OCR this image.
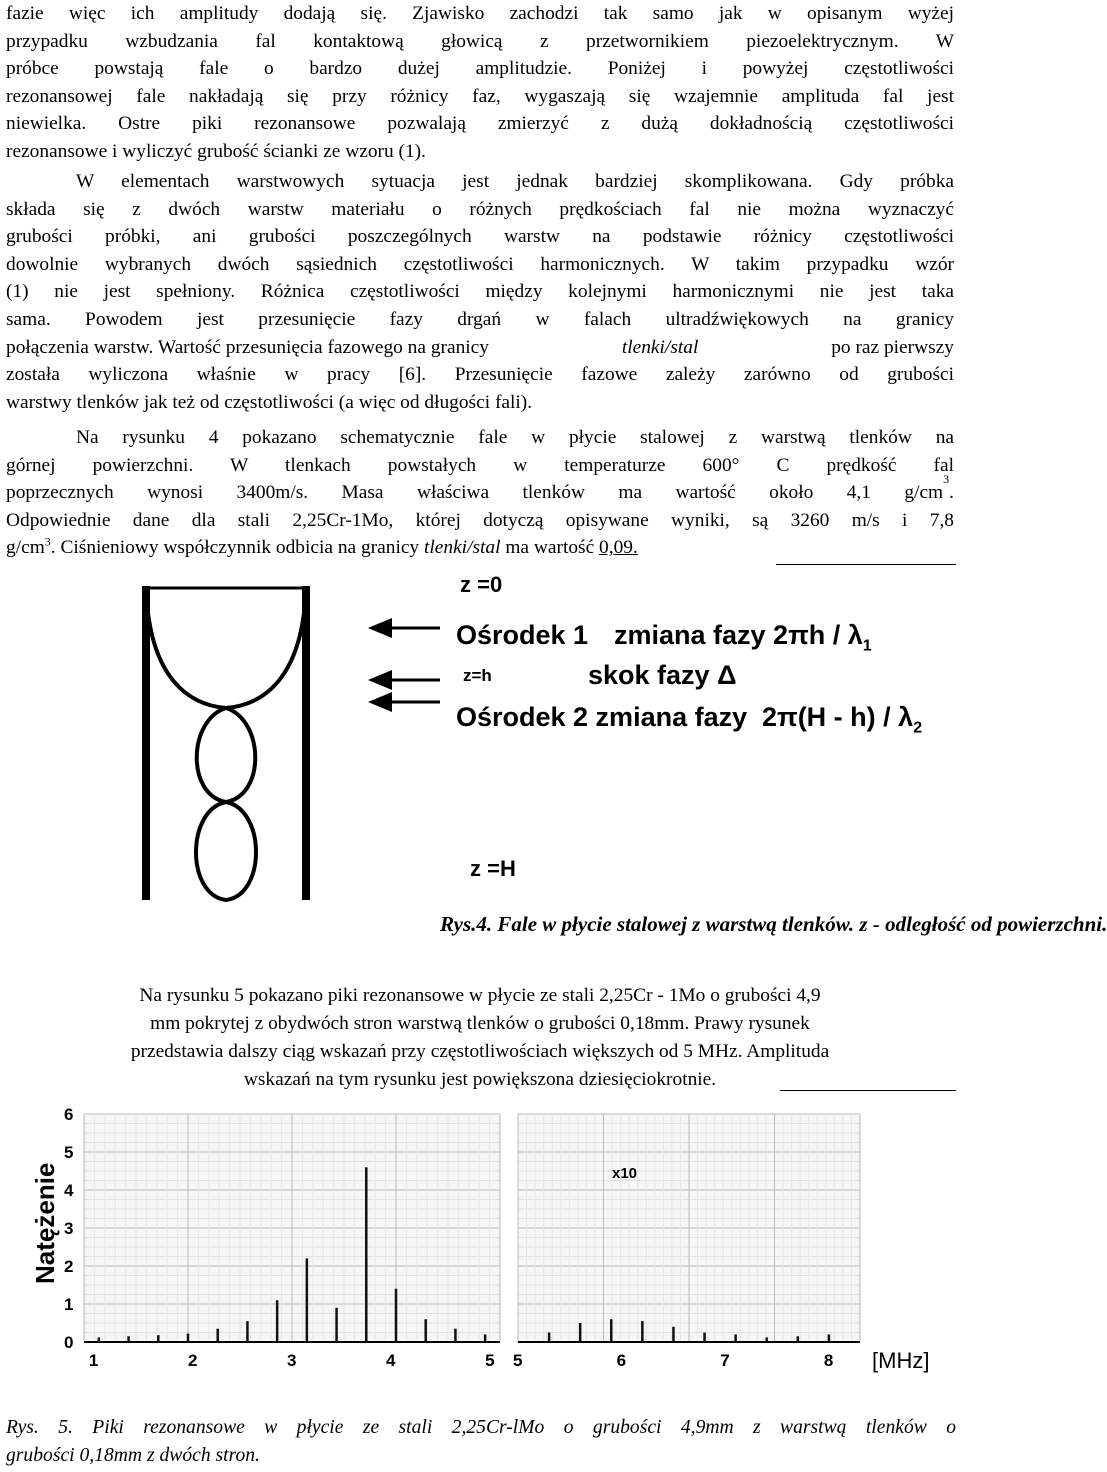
fazie więc ich amplitudy dodają się. Zjawisko zachodzi tak samo jak w opisanym wyżej
przypadku wzbudzania fal kontaktową głowicą z przetwornikiem piezoelektrycznym. W
próbce powstają fale o bardzo dużej amplitudzie. Poniżej i powyżej częstotliwości
rezonansowej fale nakładają się przy różnicy faz, wygaszają się wzajemnie amplituda fal jest
niewielka. Ostre piki rezonansowe pozwalają zmierzyć z dużą dokładnością częstotliwości
rezonansowe i wyliczyć grubość ścianki ze wzoru (1).
W elementach warstwowych sytuacja jest jednak bardziej skomplikowana. Gdy próbka
składa się z dwóch warstw materiału o różnych prędkościach fal nie można wyznaczyć
grubości próbki, ani grubości poszczególnych warstw na podstawie różnicy częstotliwości
dowolnie wybranych dwóch sąsiednich częstotliwości harmonicznych. W takim przypadku wzór
(1) nie jest spełniony. Różnica częstotliwości między kolejnymi harmonicznymi nie jest taka
sama. Powodem jest przesunięcie fazy drgań w falach ultradźwiękowych na granicy
połączenia warstw. Wartość przesunięcia fazowego na granicy	tlenki/stal	po raz pierwszy
została wyliczona właśnie w pracy [6]. Przesunięcie fazowe zależy zarówno od grubości
warstwy tlenków jak też od częstotliwości (a więc od długości fali).
Na rysunku 4 pokazano schematycznie fale w płycie stalowej z warstwą tlenków na
górnej powierzchni. W tlenkach powstałych w temperaturze 600° C prędkość fal
poprzecznych wynosi 3400m/s. Masa właściwa tlenków ma wartość około 4,1 g/cm
3
.
Odpowiednie dane dla stali 2,25Cr-1Mo, której dotyczą opisywane wyniki, są 3260 m/s i 7,8
$g/cm^3$. Ciśnieniowy współczynnik odbicia na granicy tlenki/stal ma wartość 0,09.
z =0
Ośrodek 1 zmiana fazy $2\pi h / \lambda_1$
z=h	skok fazy Δ
Ośrodek 2 zmiana fazy $2\pi(H - h) / \lambda_2$
z =H
Rys.4. Fale w płycie stalowej z warstwą tlenków. z - odległość od powierzchni.
Na rysunku 5 pokazano piki rezonansowe w płycie ze stali 2,25Cr - 1Mo o grubości 4,9
mm pokrytej z obydwóch stron warstwą tlenków o grubości 0,18mm. Prawy rysunek
przedstawia dalszy ciąg wskazań przy częstotliwościach większych od 5 MHz. Amplituda
wskazań na tym rysunku jest powiększona dziesięciokrotnie.
6
5
4
3
2
1
0
Natężenie
1	2	3	4	5 5	6	7	8
x10
[MHz]
Rys. 5. Piki rezonansowe w płycie ze stali 2,25Cr-lMo o grubości 4,9mm z warstwą tlenków o
grubości 0,18mm z dwóch stron.
